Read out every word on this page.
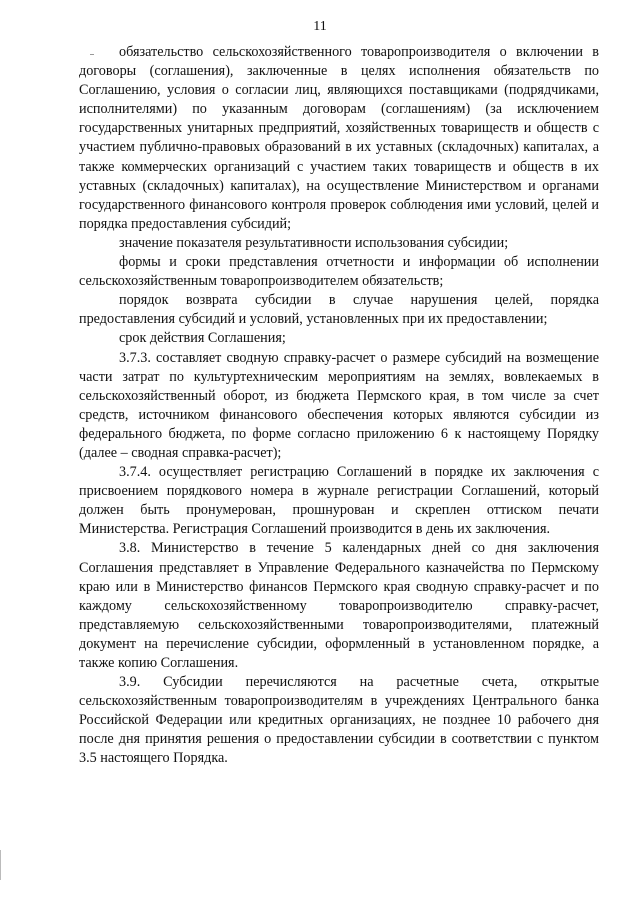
11

обязательство сельскохозяйственного товаропроизводителя о включении в договоры (соглашения), заключенные в целях исполнения обязательств по Соглашению, условия о согласии лиц, являющихся поставщиками (подрядчиками, исполнителями) по указанным договорам (соглашениям) (за исключением государственных унитарных предприятий, хозяйственных товариществ и обществ с участием публично-правовых образований в их уставных (складочных) капиталах, а также коммерческих организаций с участием таких товариществ и обществ в их уставных (складочных) капиталах), на осуществление Министерством и органами государственного финансового контроля проверок соблюдения ими условий, целей и порядка предоставления субсидий;

значение показателя результативности использования субсидии;

формы и сроки представления отчетности и информации об исполнении сельскохозяйственным товаропроизводителем обязательств;

порядок возврата субсидии в случае нарушения целей, порядка предоставления субсидий и условий, установленных при их предоставлении;

срок действия Соглашения;

3.7.3. составляет сводную справку-расчет о размере субсидий на возмещение части затрат по культуртехническим мероприятиям на землях, вовлекаемых в сельскохозяйственный оборот, из бюджета Пермского края, в том числе за счет средств, источником финансового обеспечения которых являются субсидии из федерального бюджета, по форме согласно приложению 6 к настоящему Порядку (далее – сводная справка-расчет);

3.7.4. осуществляет регистрацию Соглашений в порядке их заключения с присвоением порядкового номера в журнале регистрации Соглашений, который должен быть пронумерован, прошнурован и скреплен оттиском печати Министерства. Регистрация Соглашений производится в день их заключения.

3.8. Министерство в течение 5 календарных дней со дня заключения Соглашения представляет в Управление Федерального казначейства по Пермскому краю или в Министерство финансов Пермского края сводную справку-расчет и по каждому сельскохозяйственному товаропроизводителю справку-расчет, представляемую сельскохозяйственными товаропроизводителями, платежный документ на перечисление субсидии, оформленный в установленном порядке, а также копию Соглашения.

3.9. Субсидии перечисляются на расчетные счета, открытые сельскохозяйственным товаропроизводителям в учреждениях Центрального банка Российской Федерации или кредитных организациях, не позднее 10 рабочего дня после дня принятия решения о предоставлении субсидии в соответствии с пунктом 3.5 настоящего Порядка.
